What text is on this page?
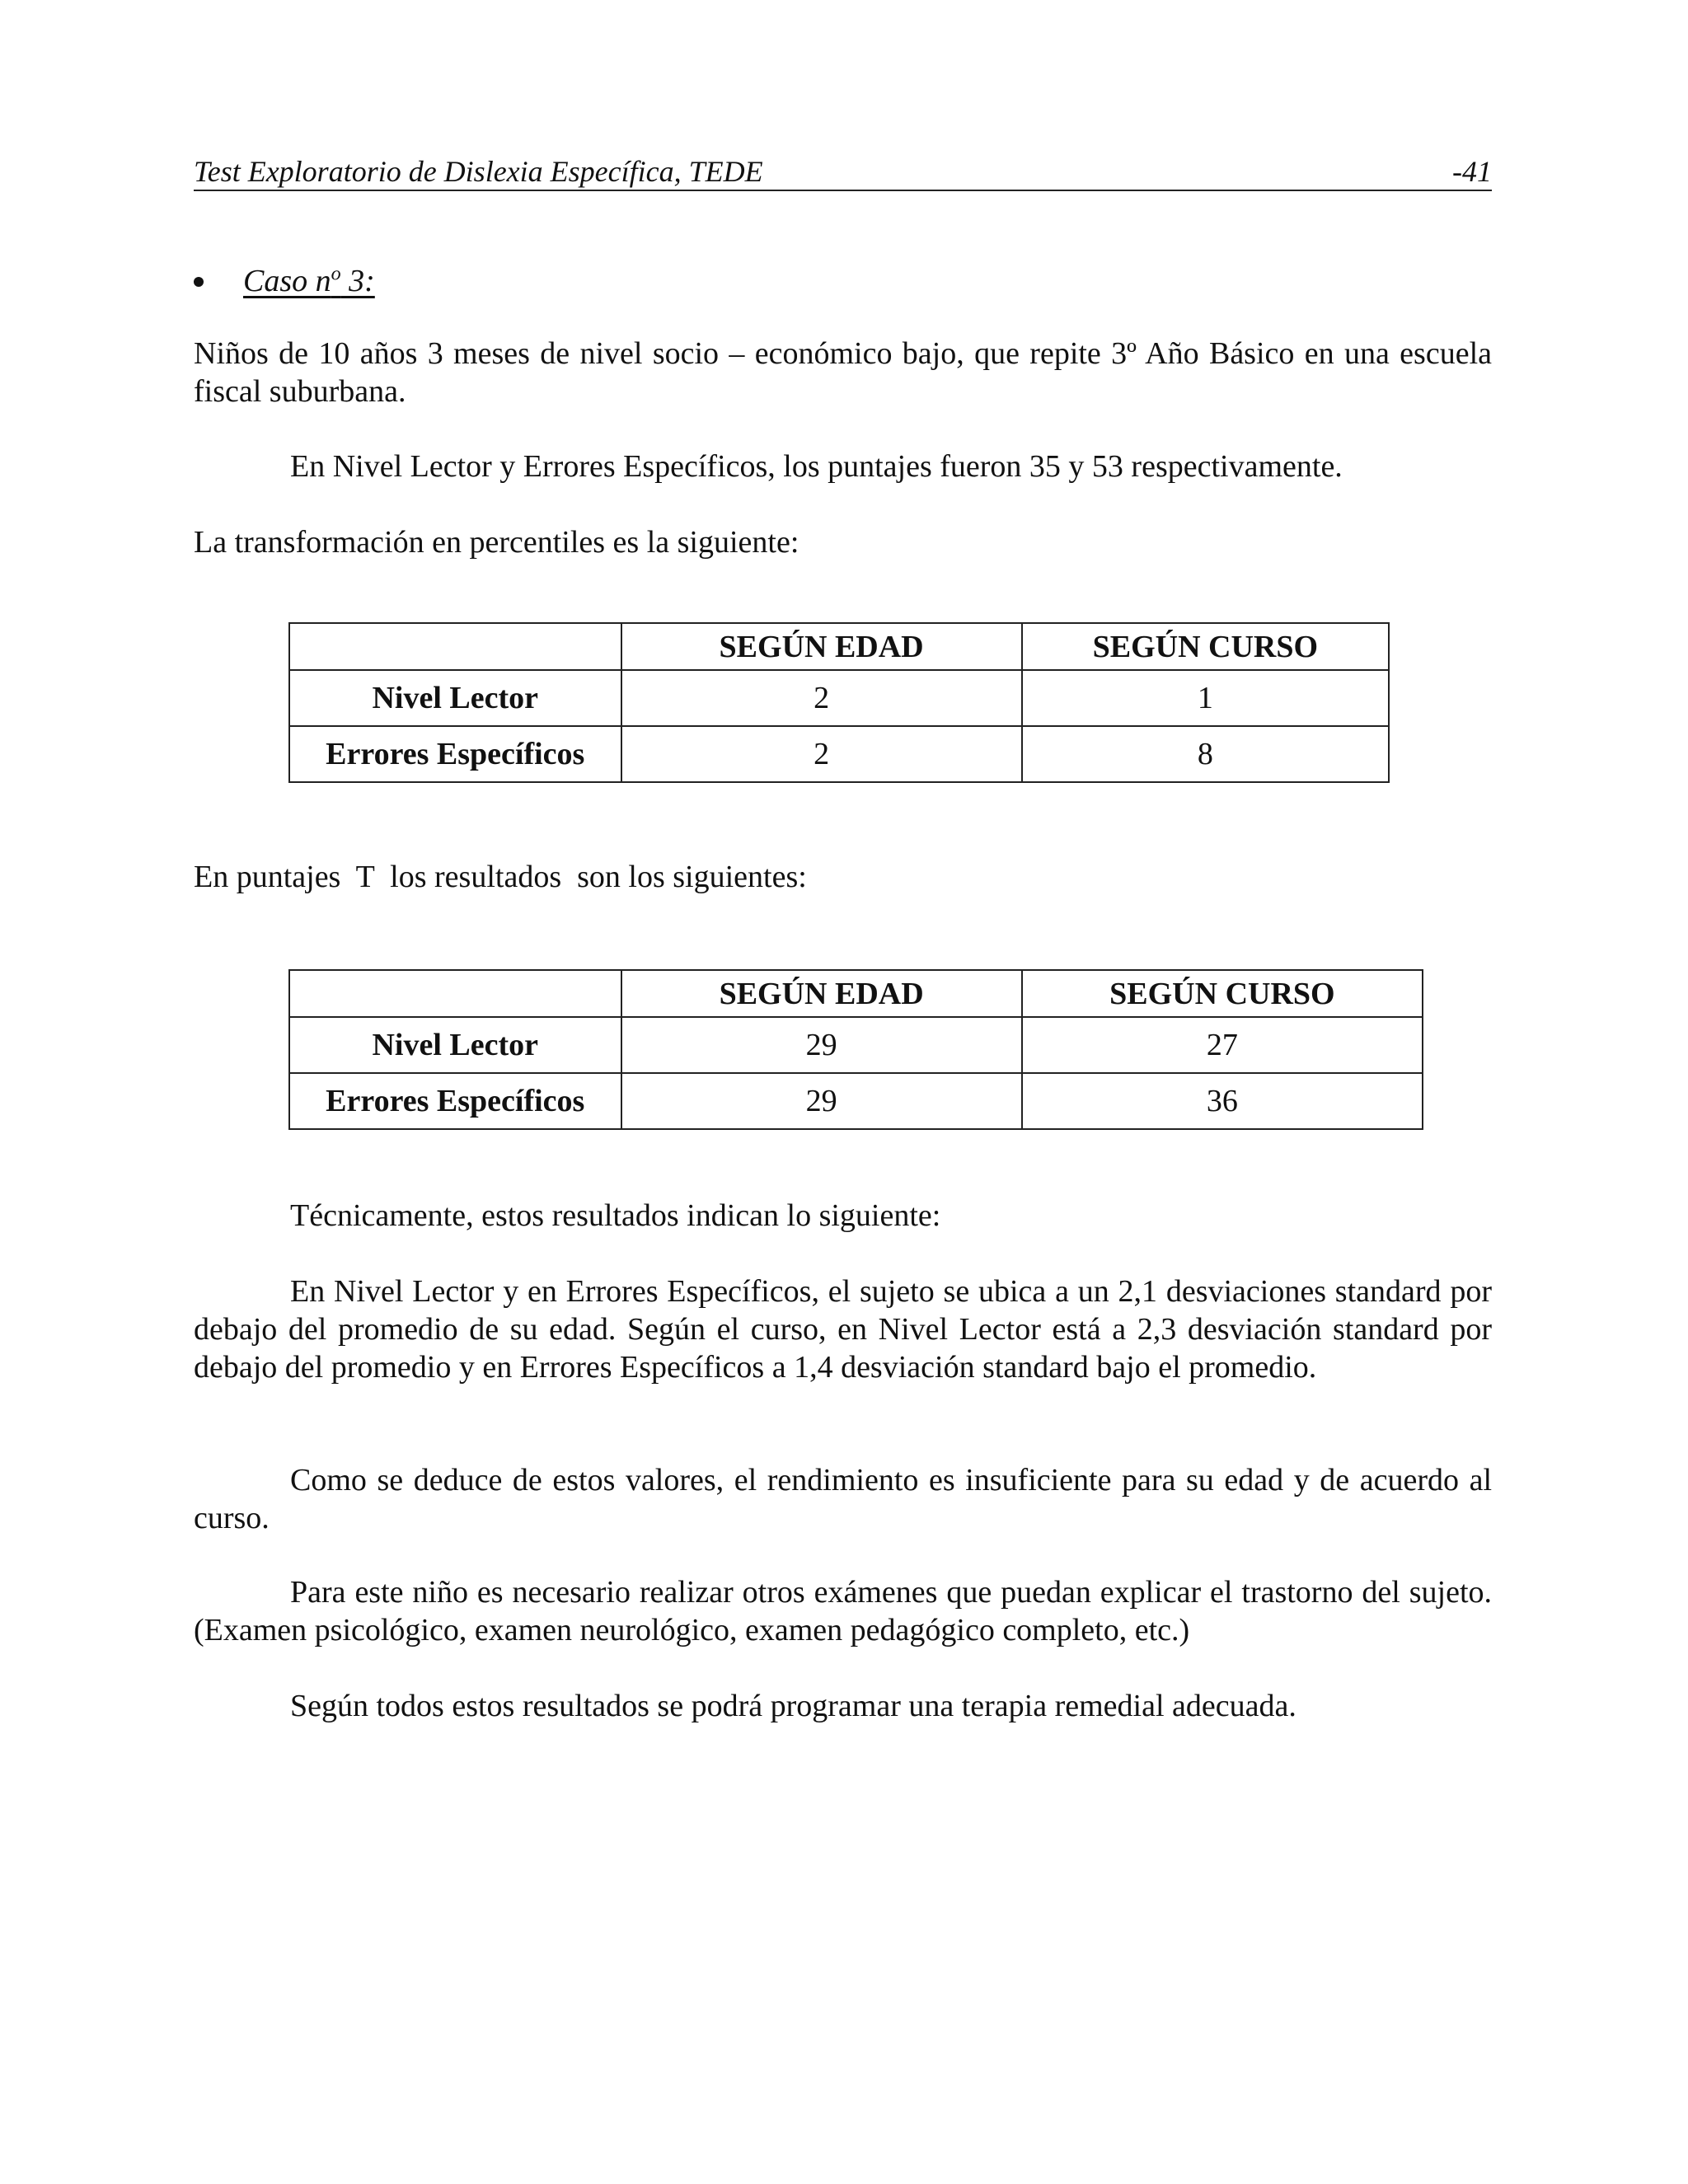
Test Exploratorio de Dislexia Específica, TEDE	-41
Caso $n^o$ 3:

Niños de 10 años 3 meses de nivel socio – económico bajo, que repite 3º Año Básico en una escuela fiscal suburbana.

En Nivel Lector y Errores Específicos, los puntajes fueron 35 y 53 respectivamente.

La transformación en percentiles es la siguiente:

	SEGÚN EDAD	SEGÚN CURSO
Nivel Lector	2	1
Errores Específicos	2	8

En puntajes  T  los resultados  son los siguientes:

	SEGÚN EDAD	SEGÚN CURSO
Nivel Lector	29	27
Errores Específicos	29	36

Técnicamente, estos resultados indican lo siguiente:

En Nivel Lector y en Errores Específicos, el sujeto se ubica a un 2,1 desviaciones standard por debajo del promedio de su edad. Según el curso, en Nivel Lector está a 2,3 desviación standard por debajo del promedio y en Errores Específicos a 1,4 desviación standard bajo el promedio.

Como se deduce de estos valores, el rendimiento es insuficiente para su edad y de acuerdo al curso.

Para este niño es necesario realizar otros exámenes que puedan explicar el trastorno del sujeto. (Examen psicológico, examen neurológico, examen pedagógico completo, etc.)

Según todos estos resultados se podrá programar una terapia remedial adecuada.
